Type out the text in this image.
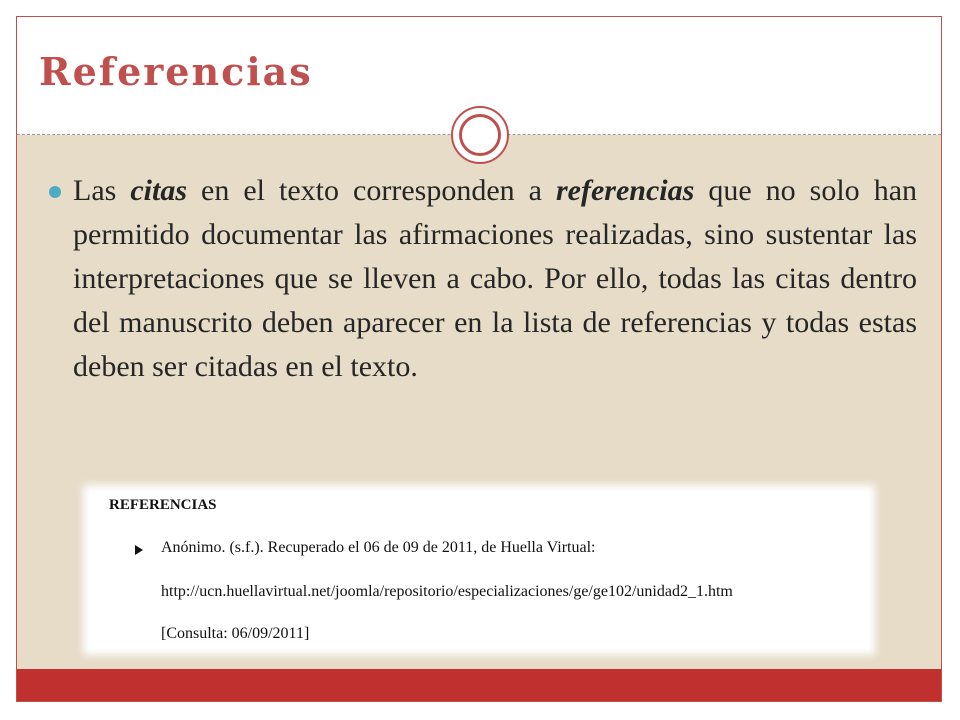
Referencias
Las citas en el texto corresponden a referencias que no solo han permitido documentar las afirmaciones realizadas, sino sustentar las interpretaciones que se lleven a cabo. Por ello, todas las citas dentro del manuscrito deben aparecer en la lista de referencias y todas estas deben ser citadas en el texto.

REFERENCIAS

Anónimo. (s.f.). Recuperado el 06 de 09 de 2011, de Huella Virtual:

http://ucn.huellavirtual.net/joomla/repositorio/especializaciones/ge/ge102/unidad2_1.htm

[Consulta: 06/09/2011]
